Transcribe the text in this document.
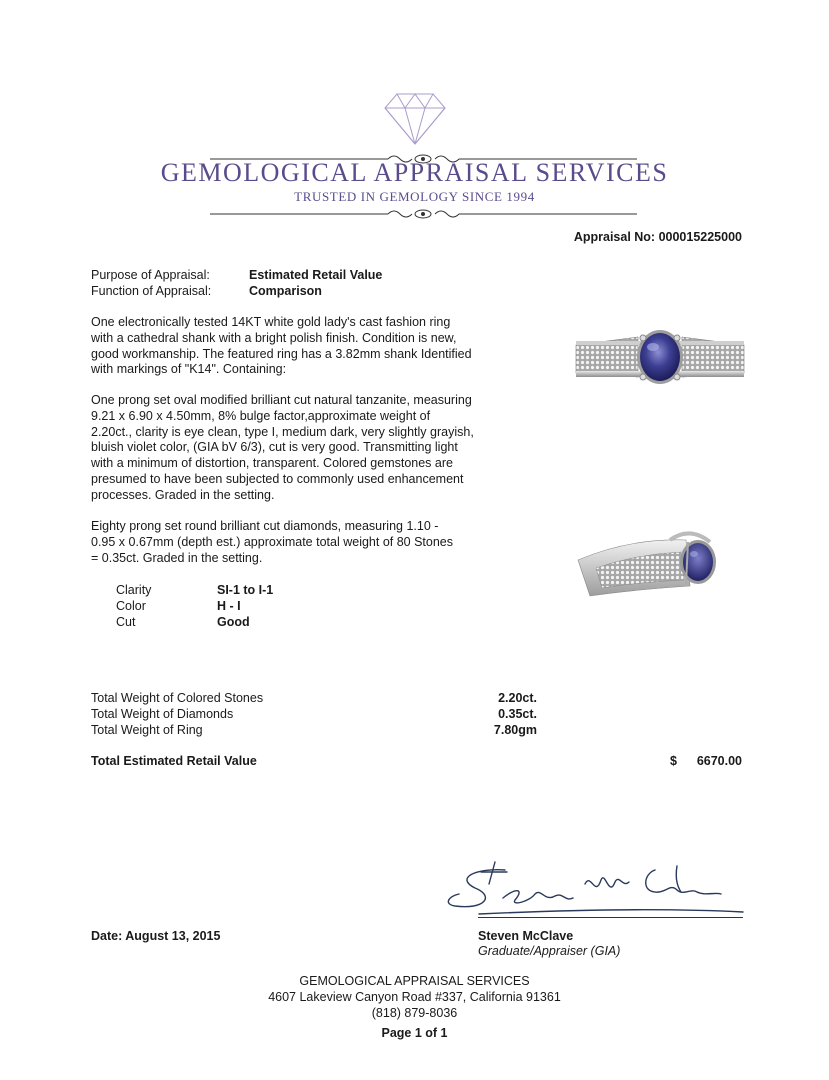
GEMOLOGICAL APPRAISAL SERVICES
TRUSTED IN GEMOLOGY SINCE 1994
Appraisal No: 000015225000
Purpose of Appraisal:	Estimated Retail Value
Function of Appraisal:	Comparison
One electronically tested 14KT white gold lady's cast fashion ring
with a cathedral shank with a bright polish finish. Condition is new,
good workmanship. The featured ring has a 3.82mm shank Identified
with markings of "K14". Containing:
One prong set oval modified brilliant cut natural tanzanite, measuring
9.21 x 6.90 x 4.50mm, 8% bulge factor,approximate weight of
2.20ct., clarity is eye clean, type I, medium dark, very slightly grayish,
bluish violet color, (GIA bV 6/3), cut is very good. Transmitting light
with a minimum of distortion, transparent. Colored gemstones are
presumed to have been subjected to commonly used enhancement
processes. Graded in the setting.
Eighty prong set round brilliant cut diamonds, measuring 1.10 -
0.95 x 0.67mm (depth est.) approximate total weight of 80 Stones
= 0.35ct. Graded in the setting.
Clarity	SI-1 to I-1
Color	H - I
Cut	Good
Total Weight of Colored Stones	2.20ct.
Total Weight of Diamonds	0.35ct.
Total Weight of Ring	7.80gm
Total Estimated Retail Value	$	6670.00
Date: August 13, 2015	Steven McClave
Graduate/Appraiser (GIA)
GEMOLOGICAL APPRAISAL SERVICES
4607 Lakeview Canyon Road #337, California 91361
(818) 879-8036
Page 1 of 1
